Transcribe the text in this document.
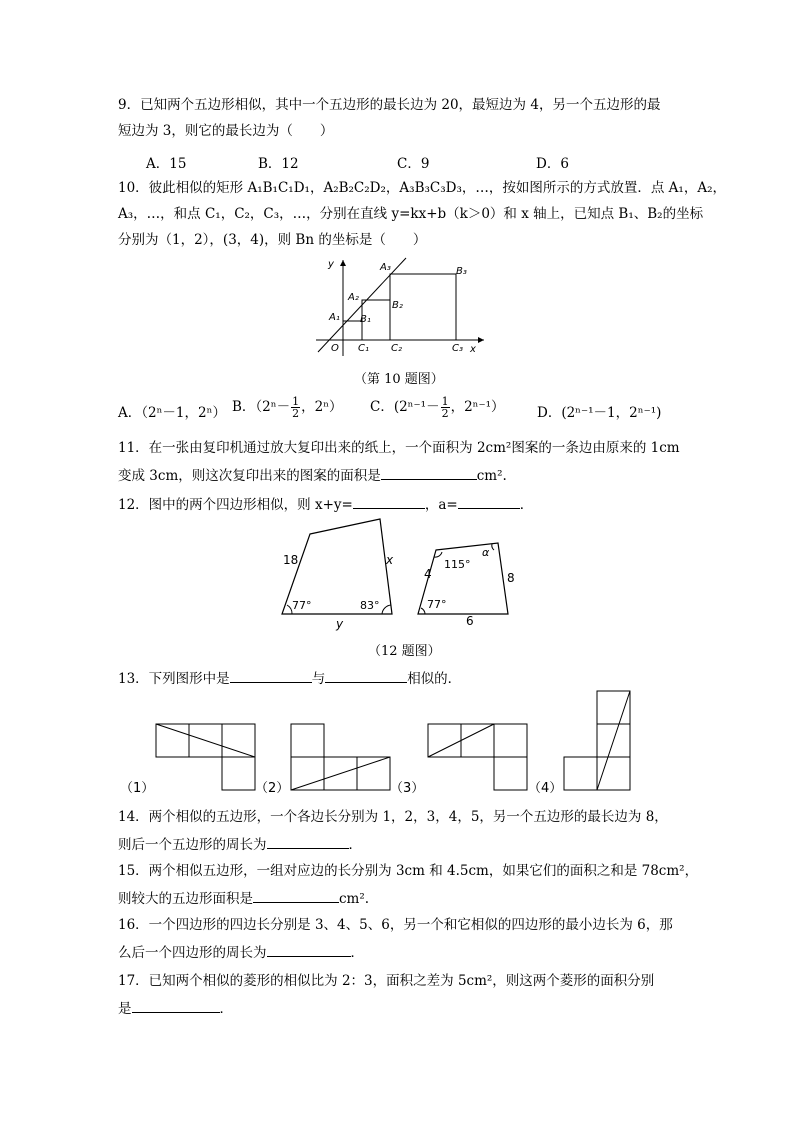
9．已知两个五边形相似，其中一个五边形的最长边为 20，最短边为 4，另一个五边形的最
短边为 3，则它的最长边为（　　）
A．15	B．12	C．9	D．6
10．彼此相似的矩形 A₁B₁C₁D₁，A₂B₂C₂D₂，A₃B₃C₃D₃，…，按如图所示的方式放置．点 A₁，A₂，
A₃，…，和点 C₁，C₂，C₃，…，分别在直线 y=kx+b（k＞0）和 x 轴上，已知点 B₁、B₂的坐标
分别为（1，2），(3，4)，则 Bn 的坐标是（　　）
y
x
O
A₁
A₂
A₃
B₁
B₂
B₃
C₁ C₂	C₃
（第 10 题图）
A．（2ⁿ－1，2ⁿ） B．（$2^n- \frac{1}{2}$ ，2ⁿ） C．($2^{n-1}- \frac{1}{2}$ ，2ⁿ⁻¹） D．(2ⁿ⁻¹－1，2ⁿ⁻¹)
11．在一张由复印机通过放大复印出来的纸上，一个面积为 2cm²图案的一条边由原来的 1cm
变成 3cm，则这次复印出来的图案的面积是	cm².
12．图中的两个四边形相似，则 x+y=	，a=	．
18	x
y
77°	83°
4	8
6
115°
α
77°
（12 题图）
13．下列图形中是	与	相似的．
（1）	（2）	（3）	（4）
14．两个相似的五边形，一个各边长分别为 1，2，3，4，5，另一个五边形的最长边为 8，
则后一个五边形的周长为	．
15．两个相似五边形，一组对应边的长分别为 3cm 和 4.5cm，如果它们的面积之和是 78cm²，
则较大的五边形面积是	cm².
16．一个四边形的四边长分别是 3、4、5、6，另一个和它相似的四边形的最小边长为 6，那
么后一个四边形的周长为	．
17．已知两个相似的菱形的相似比为 2：3，面积之差为 5cm²，则这两个菱形的面积分别
是	．
